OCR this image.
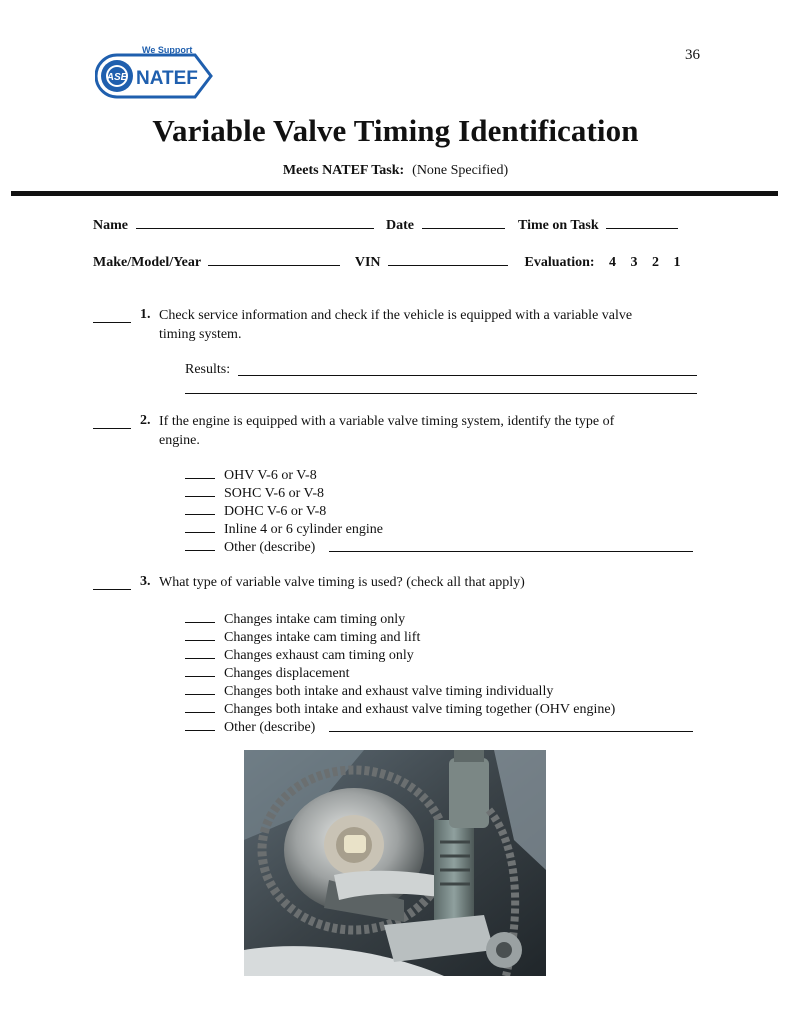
36
ASE
We Support
NATEF
Variable Valve Timing Identification
Meets NATEF Task: (None Specified)
Name	Date	Time on Task
Make/Model/Year	VIN	Evaluation: 4 3 2 1
1. Check service information and check if the vehicle is equipped with a variable valve
timing system.
Results:
2. If the engine is equipped with a variable valve timing system, identify the type of
engine.
OHV V-6 or V-8
SOHC V-6 or V-8
DOHC V-6 or V-8
Inline 4 or 6 cylinder engine
Other (describe)
3. What type of variable valve timing is used? (check all that apply)
Changes intake cam timing only
Changes intake cam timing and lift
Changes exhaust cam timing only
Changes displacement
Changes both intake and exhaust valve timing individually
Changes both intake and exhaust valve timing together (OHV engine)
Other (describe)
